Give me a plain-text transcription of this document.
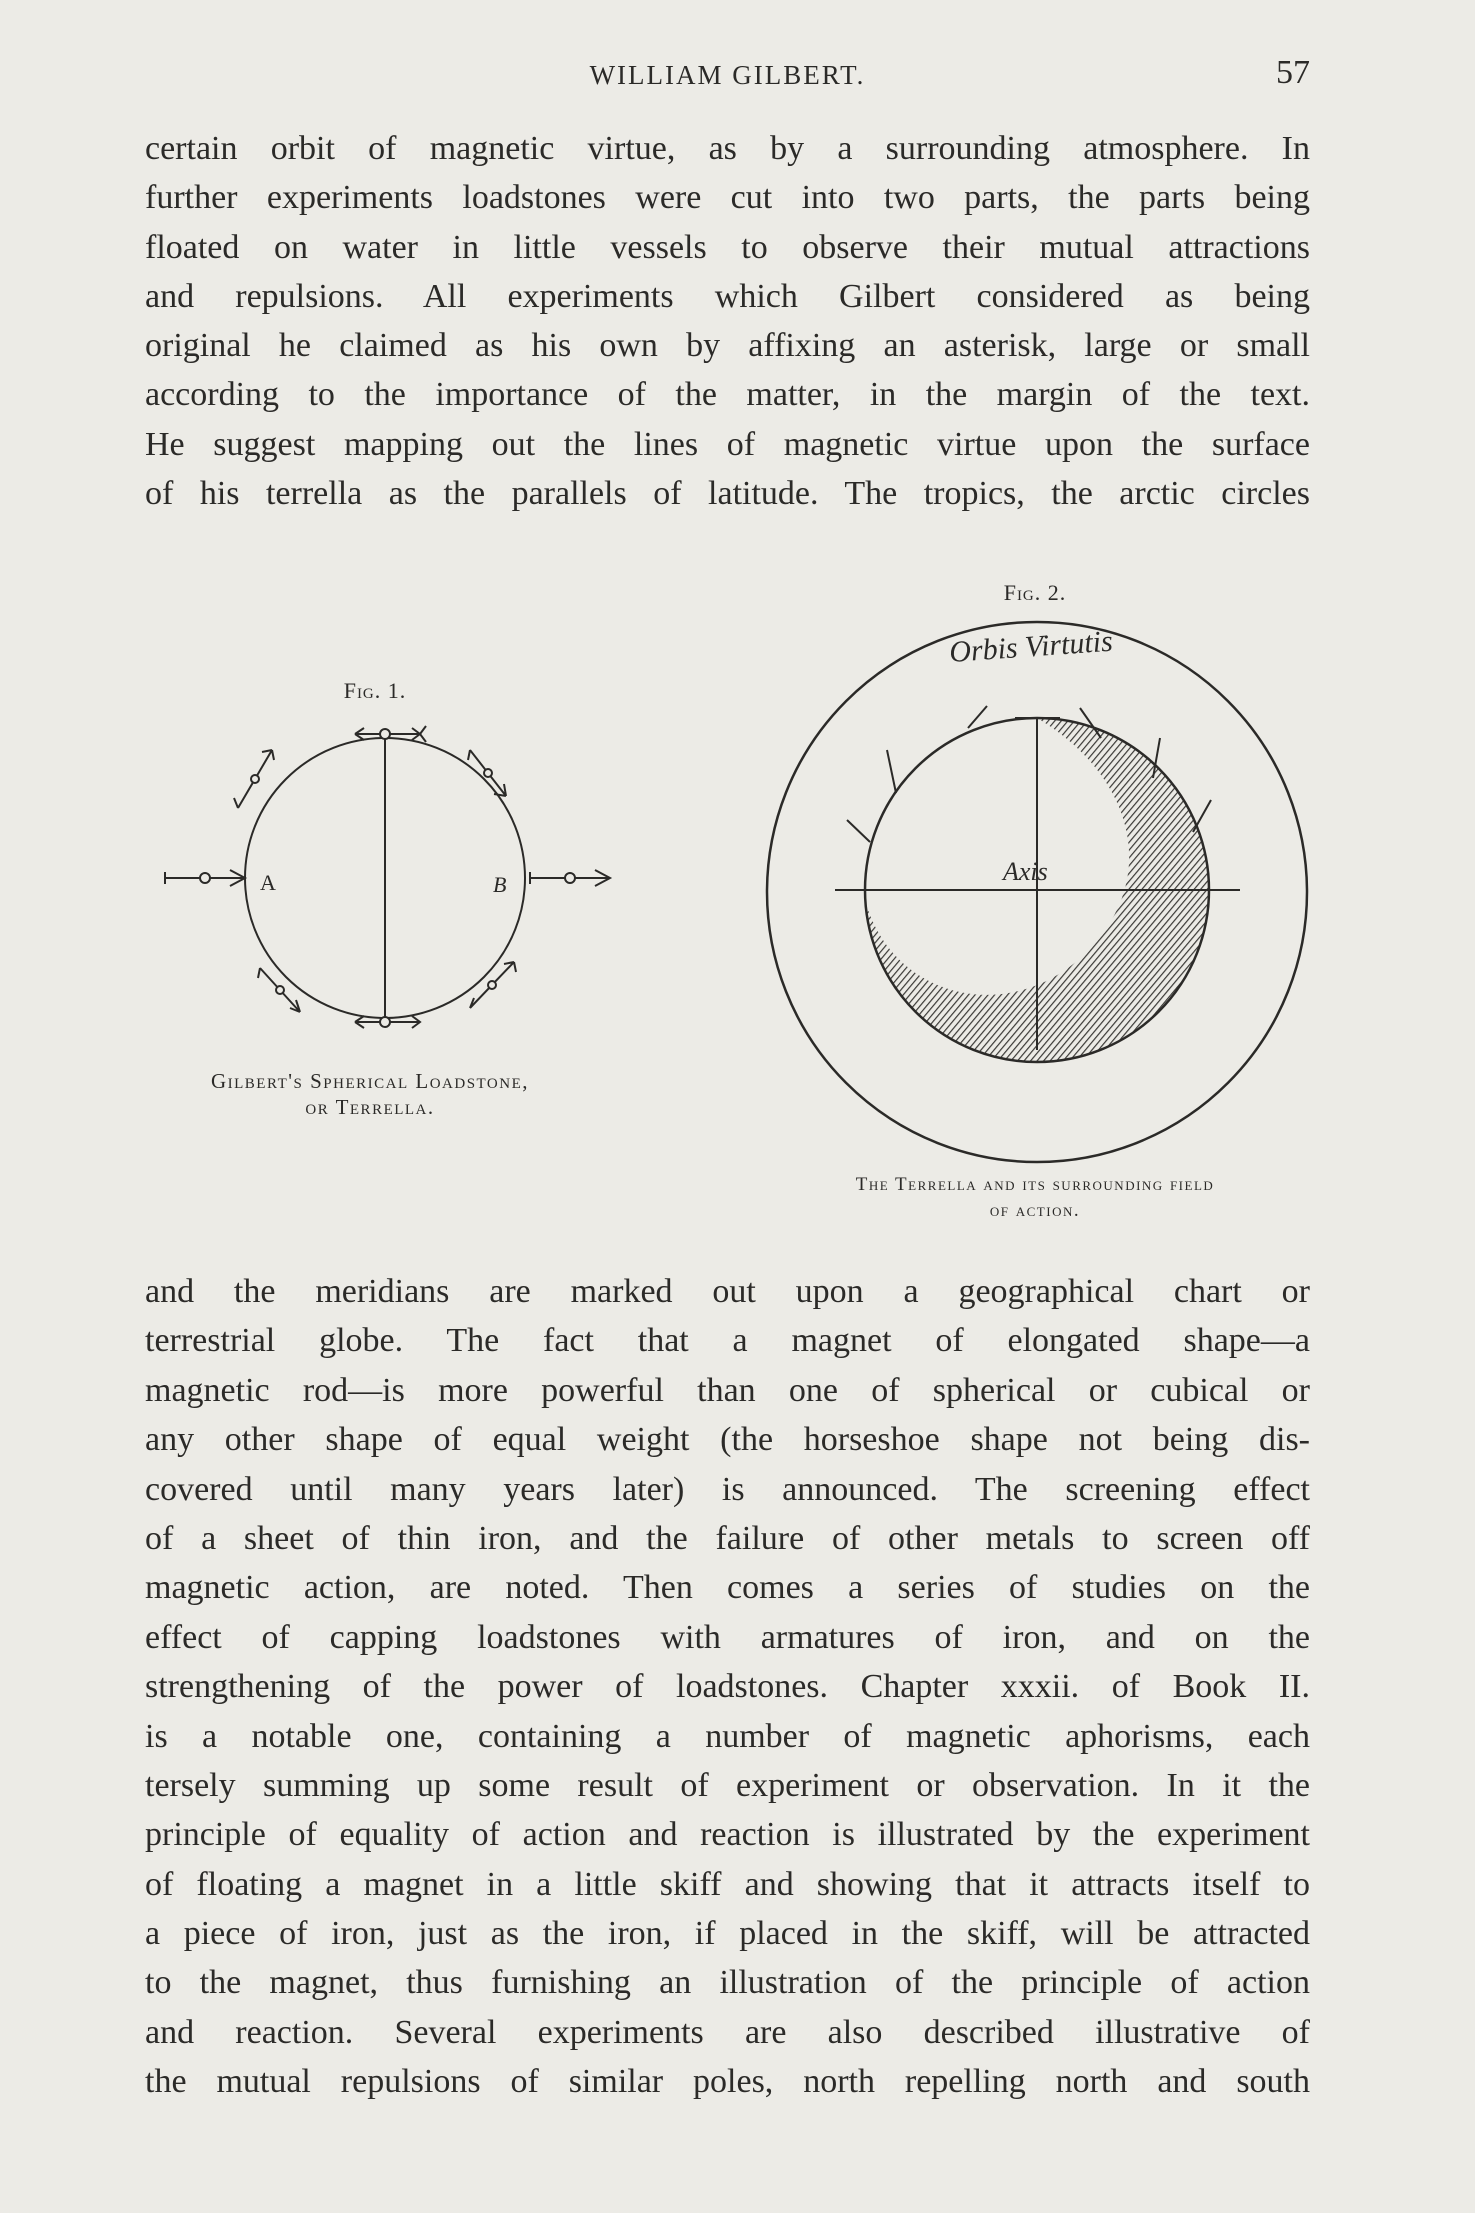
WILLIAM GILBERT.	57
certain orbit of magnetic virtue, as by a surrounding atmosphere. In
further experiments loadstones were cut into two parts, the parts being
floated on water in little vessels to observe their mutual attractions
and repulsions. All experiments which Gilbert considered as being
original he claimed as his own by affixing an asterisk, large or small
according to the importance of the matter, in the margin of the text.
He suggest mapping out the lines of magnetic virtue upon the surface
of his terrella as the parallels of latitude. The tropics, the arctic circles
Fig. 1.
A	B
Gilbert's Spherical Loadstone,
or Terrella.
Fig. 2.
Orbis Virtutis
Axis
The Terrella and its surrounding field
of action.
and the meridians are marked out upon a geographical chart or
terrestrial globe. The fact that a magnet of elongated shape—a
magnetic rod—is more powerful than one of spherical or cubical or
any other shape of equal weight (the horseshoe shape not being dis-
covered until many years later) is announced. The screening effect
of a sheet of thin iron, and the failure of other metals to screen off
magnetic action, are noted. Then comes a series of studies on the
effect of capping loadstones with armatures of iron, and on the
strengthening of the power of loadstones. Chapter xxxii. of Book II.
is a notable one, containing a number of magnetic aphorisms, each
tersely summing up some result of experiment or observation. In it the
principle of equality of action and reaction is illustrated by the experiment
of floating a magnet in a little skiff and showing that it attracts itself to
a piece of iron, just as the iron, if placed in the skiff, will be attracted
to the magnet, thus furnishing an illustration of the principle of action
and reaction. Several experiments are also described illustrative of
the mutual repulsions of similar poles, north repelling north and south
